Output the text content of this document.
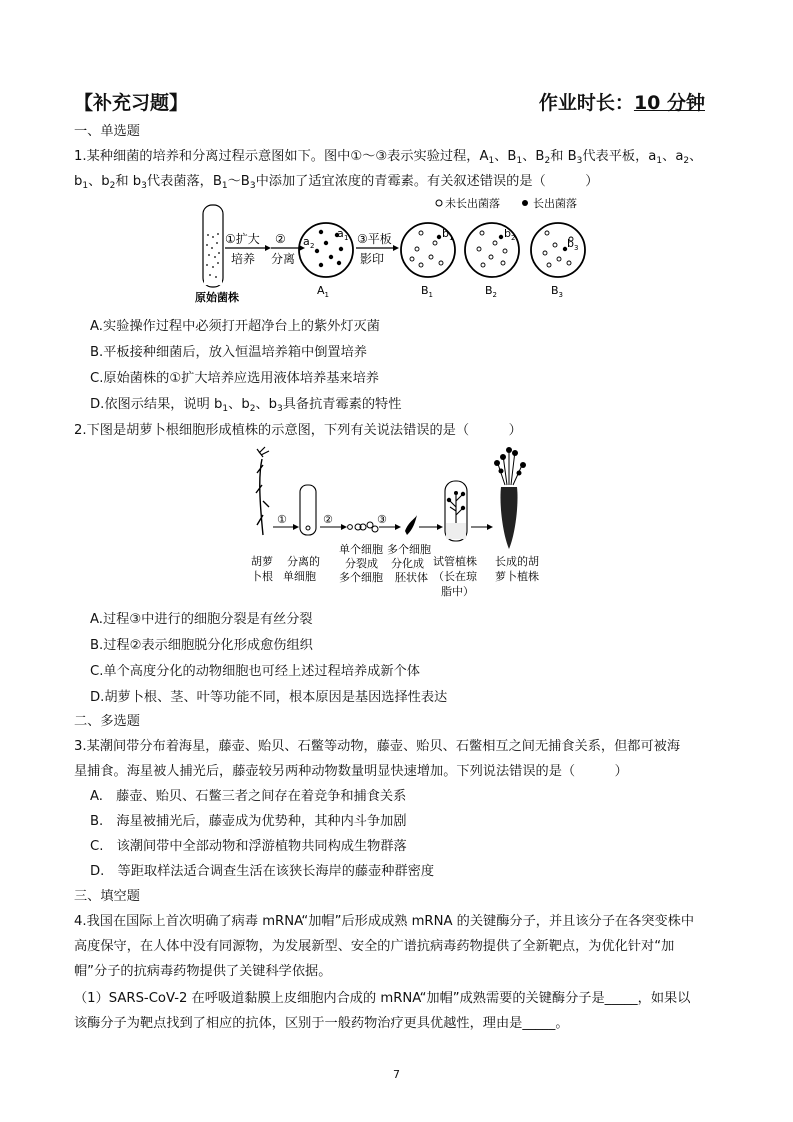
【补充习题】	作业时长：10 分钟
一、单选题
1.某种细菌的培养和分离过程示意图如下。图中①～③表示实验过程，$A_1$、$B_1$、$B_2$和 $B_3$代表平板，$a_1$、$a_2$、
$b_1$、$b_2$和 $b_3$代表菌落，$B_1\sim B_3$中添加了适宜浓度的青霉素。有关叙述错误的是（　　　）
未长出菌落	长出菌落
原始菌株
①扩大
培养
②
分离
a 2
a 1
$A_1$
③平板
影印
b 1	b 2	b 3
$B_1$	$B_2$	$B_3$
A.实验操作过程中必须打开超净台上的紫外灯灭菌
B.平板接种细菌后，放入恒温培养箱中倒置培养
C.原始菌株的①扩大培养应选用液体培养基来培养
D.依图示结果，说明 $b_1$、$b_2$、$b_3$具备抗青霉素的特性
2.下图是胡萝卜根细胞形成植株的示意图，下列有关说法错误的是（　　　）
①	②	③
胡萝
卜根
分离的
单细胞
单个细胞
分裂成
多个细胞
多个细胞
分化成
胚状体
试管植株
（长在琼
脂中）
长成的胡
萝卜植株
A.过程③中进行的细胞分裂是有丝分裂
B.过程②表示细胞脱分化形成愈伤组织
C.单个高度分化的动物细胞也可经上述过程培养成新个体
D.胡萝卜根、茎、叶等功能不同，根本原因是基因选择性表达
二、多选题
3.某潮间带分布着海星，藤壶、贻贝、石鳖等动物，藤壶、贻贝、石鳖相互之间无捕食关系，但都可被海
星捕食。海星被人捕光后，藤壶较另两种动物数量明显快速增加。下列说法错误的是（　　　）
A.　藤壶、贻贝、石鳖三者之间存在着竞争和捕食关系
B.　海星被捕光后，藤壶成为优势种，其种内斗争加剧
C.　该潮间带中全部动物和浮游植物共同构成生物群落
D.　等距取样法适合调查生活在该狭长海岸的藤壶种群密度
三、填空题
4.我国在国际上首次明确了病毒 mRNA“加帽”后形成成熟 mRNA 的关键酶分子，并且该分子在各突变株中
高度保守，在人体中没有同源物，为发展新型、安全的广谱抗病毒药物提供了全新靶点，为优化针对“加
帽”分子的抗病毒药物提供了关键科学依据。
（1）SARS-CoV-2 在呼吸道黏膜上皮细胞内合成的 mRNA“加帽”成熟需要的关键酶分子是_____，如果以
该酶分子为靶点找到了相应的抗体，区别于一般药物治疗更具优越性，理由是_____。
7
